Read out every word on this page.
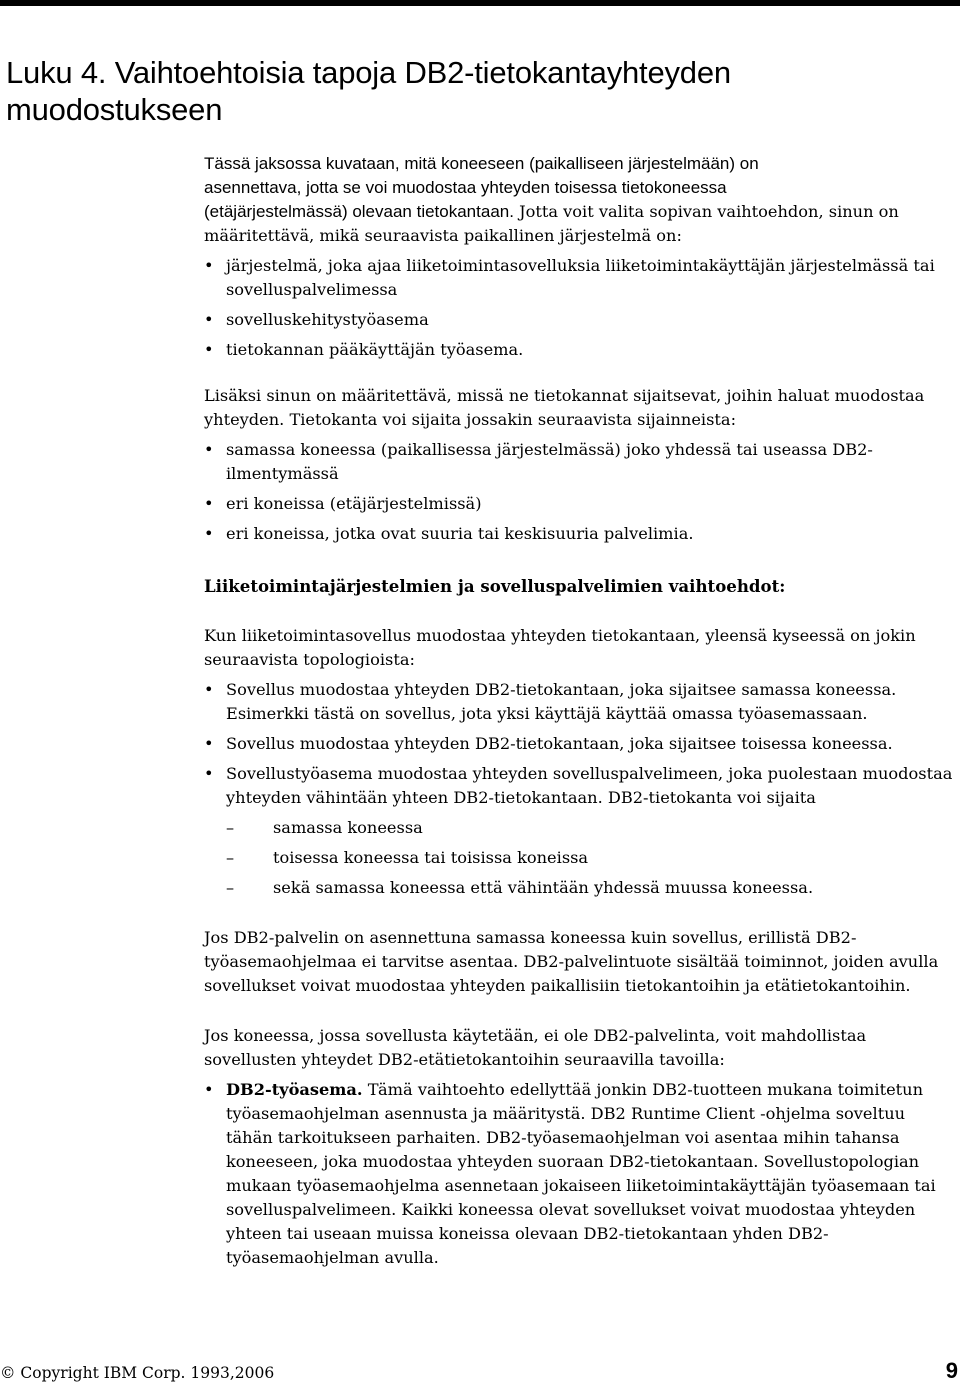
Luku 4. Vaihtoehtoisia tapoja DB2-tietokantayhteyden
muodostukseen

Tässä jaksossa kuvataan, mitä koneeseen (paikalliseen järjestelmään) on
asennettava, jotta se voi muodostaa yhteyden toisessa tietokoneessa
(etäjärjestelmässä) olevaan tietokantaan. Jotta voit valita sopivan vaihtoehdon, sinun on määritettävä, mikä seuraavista paikallinen järjestelmä on:

• järjestelmä, joka ajaa liiketoimintasovelluksia liiketoimintakäyttäjän järjestelmässä tai sovelluspalvelimessa
• sovelluskehitystyöasema
• tietokannan pääkäyttäjän työasema.

Lisäksi sinun on määritettävä, missä ne tietokannat sijaitsevat, joihin haluat muodostaa yhteyden. Tietokanta voi sijaita jossakin seuraavista sijainneista:

• samassa koneessa (paikallisessa järjestelmässä) joko yhdessä tai useassa DB2-ilmentymässä
• eri koneissa (etäjärjestelmissä)
• eri koneissa, jotka ovat suuria tai keskisuuria palvelimia.

Liiketoimintajärjestelmien ja sovelluspalvelimien vaihtoehdot:

Kun liiketoimintasovellus muodostaa yhteyden tietokantaan, yleensä kyseessä on jokin seuraavista topologioista:

• Sovellus muodostaa yhteyden DB2-tietokantaan, joka sijaitsee samassa koneessa. Esimerkki tästä on sovellus, jota yksi käyttäjä käyttää omassa työasemassaan.
• Sovellus muodostaa yhteyden DB2-tietokantaan, joka sijaitsee toisessa koneessa.
• Sovellustyöasema muodostaa yhteyden sovelluspalvelimeen, joka puolestaan muodostaa yhteyden vähintään yhteen DB2-tietokantaan. DB2-tietokanta voi sijaita
– samassa koneessa
– toisessa koneessa tai toisissa koneissa
– sekä samassa koneessa että vähintään yhdessä muussa koneessa.

Jos DB2-palvelin on asennettuna samassa koneessa kuin sovellus, erillistä DB2-työasemaohjelmaa ei tarvitse asentaa. DB2-palvelintuote sisältää toiminnot, joiden avulla sovellukset voivat muodostaa yhteyden paikallisiin tietokantoihin ja etätietokantoihin.

Jos koneessa, jossa sovellusta käytetään, ei ole DB2-palvelinta, voit mahdollistaa sovellusten yhteydet DB2-etätietokantoihin seuraavilla tavoilla:

• DB2-työasema. Tämä vaihtoehto edellyttää jonkin DB2-tuotteen mukana toimitetun työasemaohjelman asennusta ja määritystä. DB2 Runtime Client -ohjelma soveltuu tähän tarkoitukseen parhaiten. DB2-työasemaohjelman voi asentaa mihin tahansa koneeseen, joka muodostaa yhteyden suoraan DB2-tietokantaan. Sovellustopologian mukaan työasemaohjelma asennetaan jokaiseen liiketoimintakäyttäjän työasemaan tai sovelluspalvelimeen. Kaikki koneessa olevat sovellukset voivat muodostaa yhteyden yhteen tai useaan muissa koneissa olevaan DB2-tietokantaan yhden DB2-työasemaohjelman avulla.
© Copyright IBM Corp. 1993,2006	9
